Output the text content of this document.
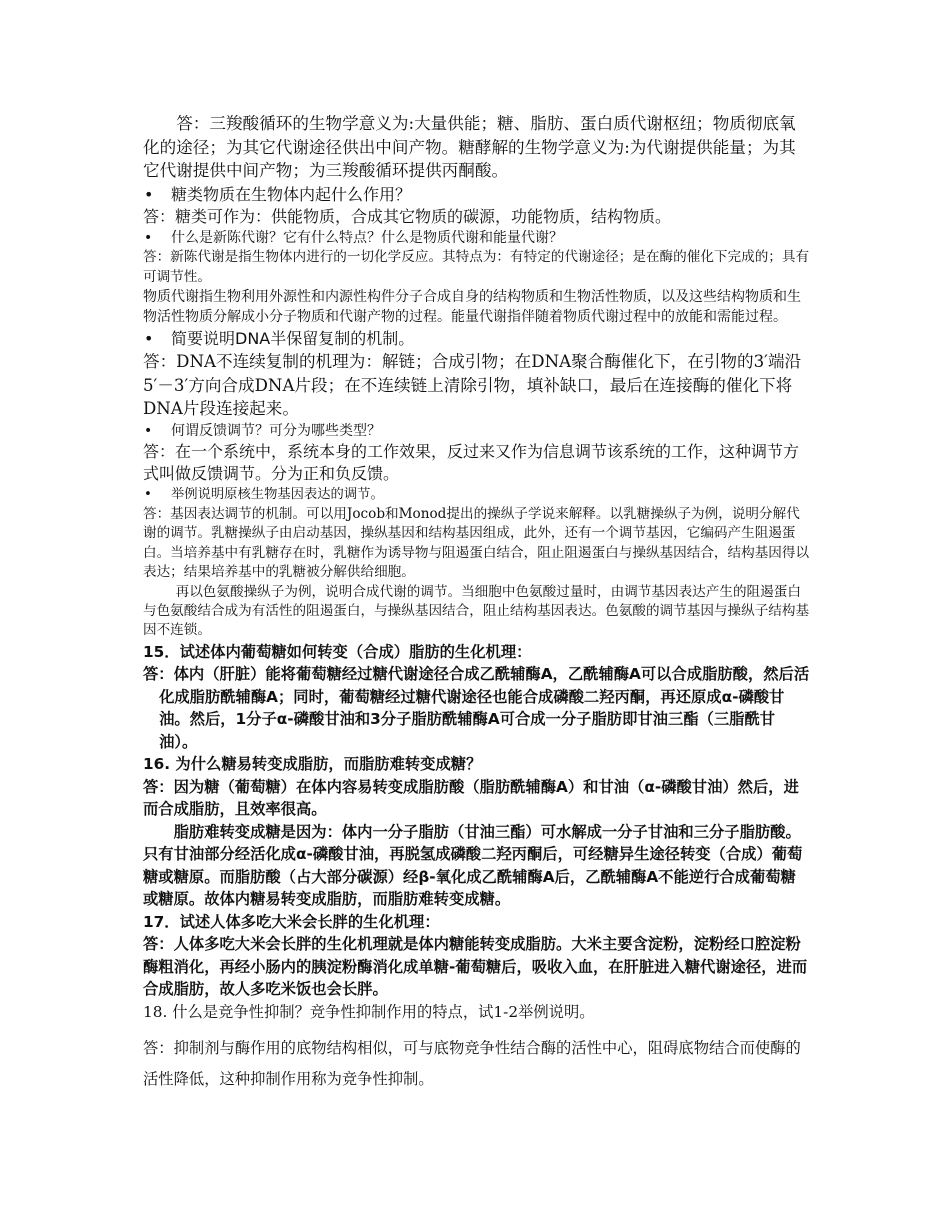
答：三羧酸循环的生物学意义为:大量供能；糖、脂肪、蛋白质代谢枢纽；物质彻底氧化的途径；为其它代谢途径供出中间产物。糖酵解的生物学意义为:为代谢提供能量；为其它代谢提供中间产物；为三羧酸循环提供丙酮酸。

• 糖类物质在生物体内起什么作用？

答：糖类可作为：供能物质，合成其它物质的碳源，功能物质，结构物质。

• 什么是新陈代谢？它有什么特点？什么是物质代谢和能量代谢？

答：新陈代谢是指生物体内进行的一切化学反应。其特点为：有特定的代谢途径；是在酶的催化下完成的；具有可调节性。

物质代谢指生物利用外源性和内源性构件分子合成自身的结构物质和生物活性物质，以及这些结构物质和生物活性物质分解成小分子物质和代谢产物的过程。能量代谢指伴随着物质代谢过程中的放能和需能过程。

• 简要说明DNA半保留复制的机制。

答：DNA不连续复制的机理为：解链；合成引物；在DNA聚合酶催化下，在引物的3′端沿5′－3′方向合成DNA片段；在不连续链上清除引物，填补缺口，最后在连接酶的催化下将DNA片段连接起来。

• 何谓反馈调节？可分为哪些类型？

答：在一个系统中，系统本身的工作效果，反过来又作为信息调节该系统的工作，这种调节方式叫做反馈调节。分为正和负反馈。

• 举例说明原核生物基因表达的调节。

答：基因表达调节的机制。可以用Jocob和Monod提出的操纵子学说来解释。以乳糖操纵子为例，说明分解代谢的调节。乳糖操纵子由启动基因，操纵基因和结构基因组成，此外，还有一个调节基因，它编码产生阻遏蛋白。当培养基中有乳糖存在时，乳糖作为诱导物与阻遏蛋白结合，阻止阻遏蛋白与操纵基因结合，结构基因得以表达；结果培养基中的乳糖被分解供给细胞。

再以色氨酸操纵子为例，说明合成代谢的调节。当细胞中色氨酸过量时，由调节基因表达产生的阻遏蛋白与色氨酸结合成为有活性的阻遏蛋白，与操纵基因结合，阻止结构基因表达。色氨酸的调节基因与操纵子结构基因不连锁。

15．试述体内葡萄糖如何转变（合成）脂肪的生化机理：

答：体内（肝脏）能将葡萄糖经过糖代谢途径合成乙酰辅酶A，乙酰辅酶A可以合成脂肪酸，然后活化成脂肪酰辅酶A；同时，葡萄糖经过糖代谢途径也能合成磷酸二羟丙酮，再还原成α-磷酸甘油。然后，1分子α-磷酸甘油和3分子脂肪酰辅酶A可合成一分子脂肪即甘油三酯（三脂酰甘油）。

16. 为什么糖易转变成脂肪，而脂肪难转变成糖？

答：因为糖（葡萄糖）在体内容易转变成脂肪酸（脂肪酰辅酶A）和甘油（α-磷酸甘油）然后，进而合成脂肪，且效率很高。

脂肪难转变成糖是因为：体内一分子脂肪（甘油三酯）可水解成一分子甘油和三分子脂肪酸。只有甘油部分经活化成α-磷酸甘油，再脱氢成磷酸二羟丙酮后，可经糖异生途径转变（合成）葡萄糖或糖原。而脂肪酸（占大部分碳源）经β-氧化成乙酰辅酶A后，乙酰辅酶A不能逆行合成葡萄糖或糖原。故体内糖易转变成脂肪，而脂肪难转变成糖。

17．试述人体多吃大米会长胖的生化机理：

答：人体多吃大米会长胖的生化机理就是体内糖能转变成脂肪。大米主要含淀粉，淀粉经口腔淀粉酶粗消化，再经小肠内的胰淀粉酶消化成单糖-葡萄糖后，吸收入血，在肝脏进入糖代谢途径，进而合成脂肪，故人多吃米饭也会长胖。

18. 什么是竞争性抑制？竞争性抑制作用的特点，试1-2举例说明。

答：抑制剂与酶作用的底物结构相似，可与底物竞争性结合酶的活性中心，阻碍底物结合而使酶的活性降低，这种抑制作用称为竞争性抑制。
